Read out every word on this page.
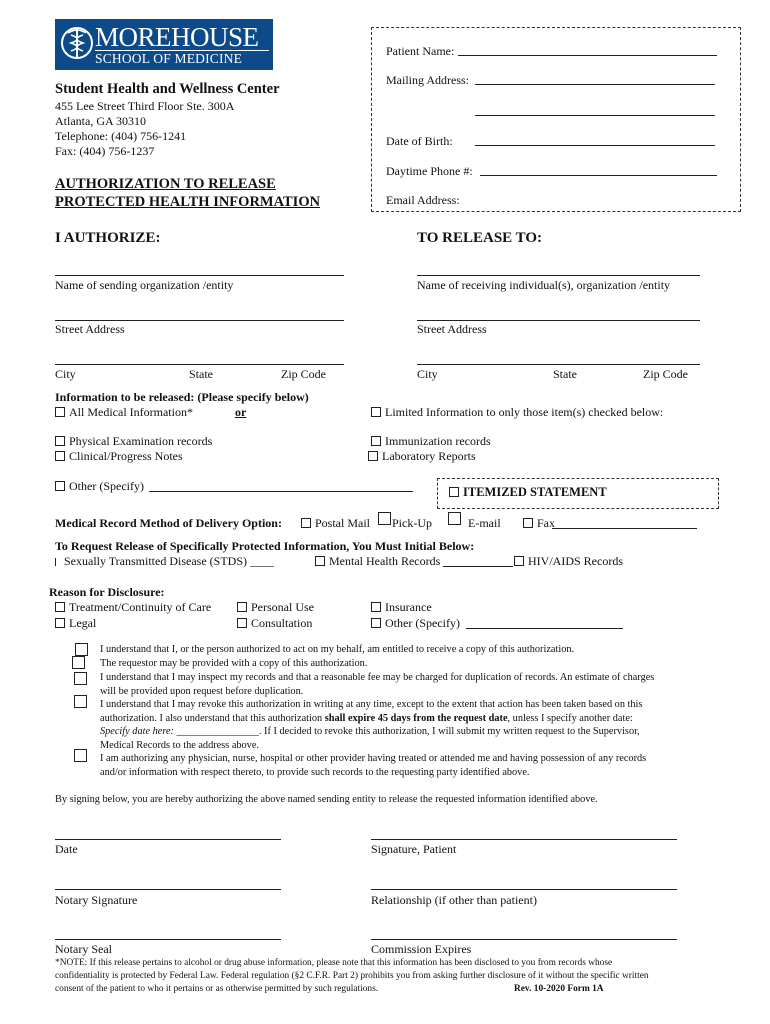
MOREHOUSE
SCHOOL OF MEDICINE
Student Health and Wellness Center
455 Lee Street Third Floor Ste. 300A
Atlanta, GA 30310
Telephone: (404) 756-1241
Fax: (404) 756-1237
AUTHORIZATION TO RELEASE
PROTECTED HEALTH INFORMATION
Patient Name:
Mailing Address:
Date of Birth:
Daytime Phone #:
Email Address:
I AUTHORIZE:	TO RELEASE TO:
Name of sending organization /entity	Name of receiving individual(s), organization /entity
Street Address	Street Address
City	State	Zip Code	City	State	Zip Code
Information to be released: (Please specify below)
All Medical Information*	or	Limited Information to only those item(s) checked below:
Physical Examination records
Clinical/Progress Notes
Immunization records
Laboratory Reports
Other (Specify)	ITEMIZED STATEMENT
Medical Record Method of Delivery Option:	Postal Mail Pick-Up	E-mail	Fax
To Request Release of Specifically Protected Information, You Must Initial Below:
Sexually Transmitted Disease (STDS) ____	Mental Health Records	HIV/AIDS Records
Reason for Disclosure:
Treatment/Continuity of Care
Legal
Personal Use
Consultation
Insurance
Other (Specify)
I understand that I, or the person authorized to act on my behalf, am entitled to receive a copy of this authorization.
The requestor may be provided with a copy of this authorization.
I understand that I may inspect my records and that a reasonable fee may be charged for duplication of records. An estimate of charges
will be provided upon request before duplication.
I understand that I may revoke this authorization in writing at any time, except to the extent that action has been taken based on this
authorization. I also understand that this authorization shall expire 45 days from the request date, unless I specify another date:
Specify date here: ________________. If I decided to revoke this authorization, I will submit my written request to the Supervisor,
Medical Records to the address above.
I am authorizing any physician, nurse, hospital or other provider having treated or attended me and having possession of any records
and/or information with respect thereto, to provide such records to the requesting party identified above.
By signing below, you are hereby authorizing the above named sending entity to release the requested information identified above.
Date	Signature, Patient
Notary Signature	Relationship (if other than patient)
Notary Seal	Commission Expires
*NOTE: If this release pertains to alcohol or drug abuse information, please note that this information has been disclosed to you from records whose
confidentiality is protected by Federal Law. Federal regulation (§2 C.F.R. Part 2) prohibits you from asking further disclosure of it without the specific written
consent of the patient to who it pertains or as otherwise permitted by such regulations.	Rev. 10-2020 Form 1A
